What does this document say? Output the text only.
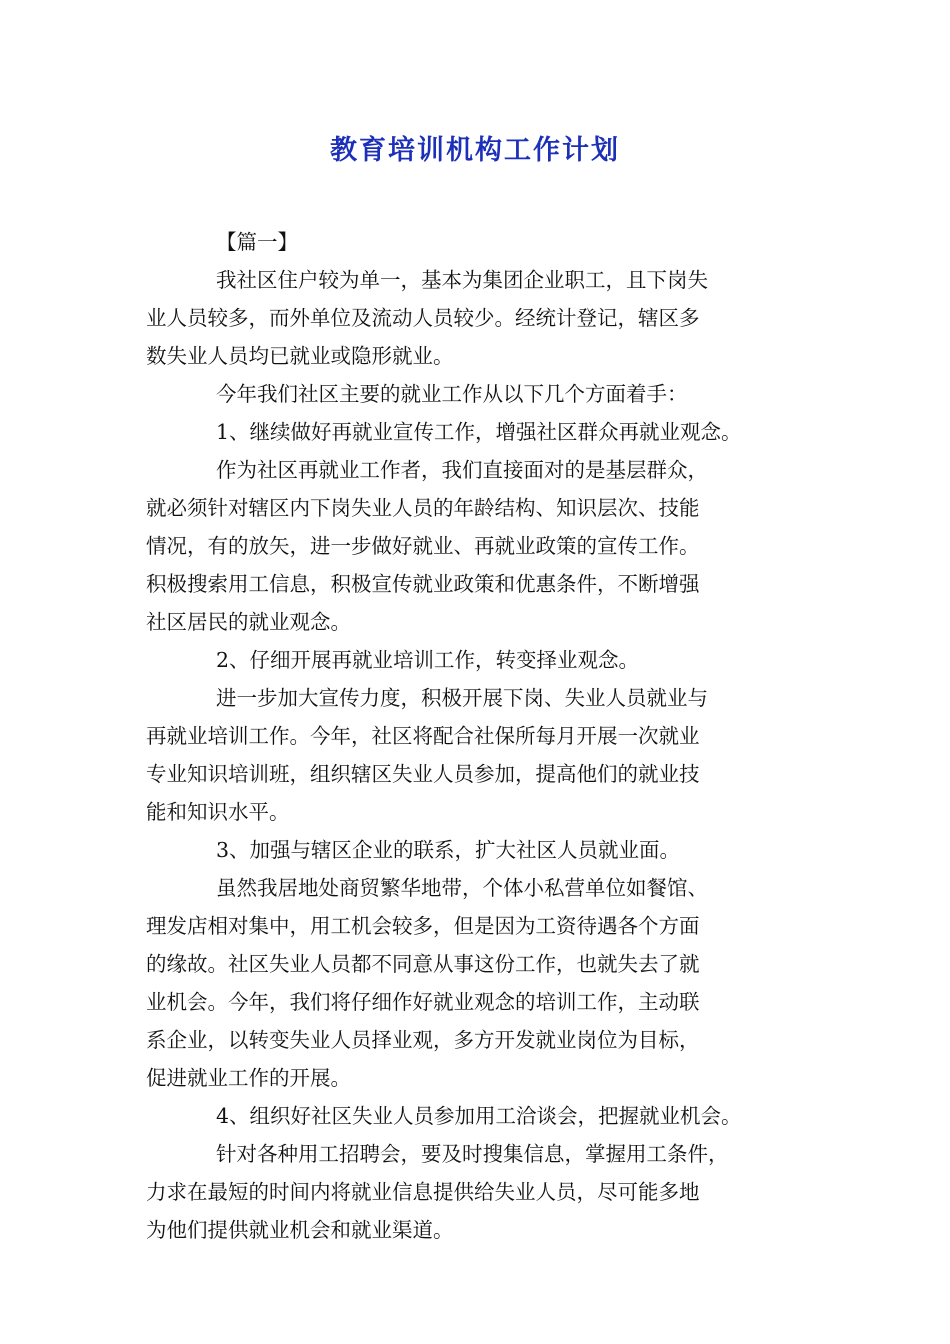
教育培训机构工作计划

【篇一】

我社区住户较为单一，基本为集团企业职工，且下岗失

业人员较多，而外单位及流动人员较少。经统计登记，辖区多

数失业人员均已就业或隐形就业。

今年我们社区主要的就业工作从以下几个方面着手：

1、继续做好再就业宣传工作，增强社区群众再就业观念。

作为社区再就业工作者，我们直接面对的是基层群众，

就必须针对辖区内下岗失业人员的年龄结构、知识层次、技能

情况，有的放矢，进一步做好就业、再就业政策的宣传工作。

积极搜索用工信息，积极宣传就业政策和优惠条件，不断增强

社区居民的就业观念。

2、仔细开展再就业培训工作，转变择业观念。

进一步加大宣传力度，积极开展下岗、失业人员就业与

再就业培训工作。今年，社区将配合社保所每月开展一次就业

专业知识培训班，组织辖区失业人员参加，提高他们的就业技

能和知识水平。

3、加强与辖区企业的联系，扩大社区人员就业面。

虽然我居地处商贸繁华地带，个体小私营单位如餐馆、

理发店相对集中，用工机会较多，但是因为工资待遇各个方面

的缘故。社区失业人员都不同意从事这份工作，也就失去了就

业机会。今年，我们将仔细作好就业观念的培训工作，主动联

系企业，以转变失业人员择业观，多方开发就业岗位为目标，

促进就业工作的开展。

4、组织好社区失业人员参加用工洽谈会，把握就业机会。

针对各种用工招聘会，要及时搜集信息，掌握用工条件，

力求在最短的时间内将就业信息提供给失业人员，尽可能多地

为他们提供就业机会和就业渠道。
